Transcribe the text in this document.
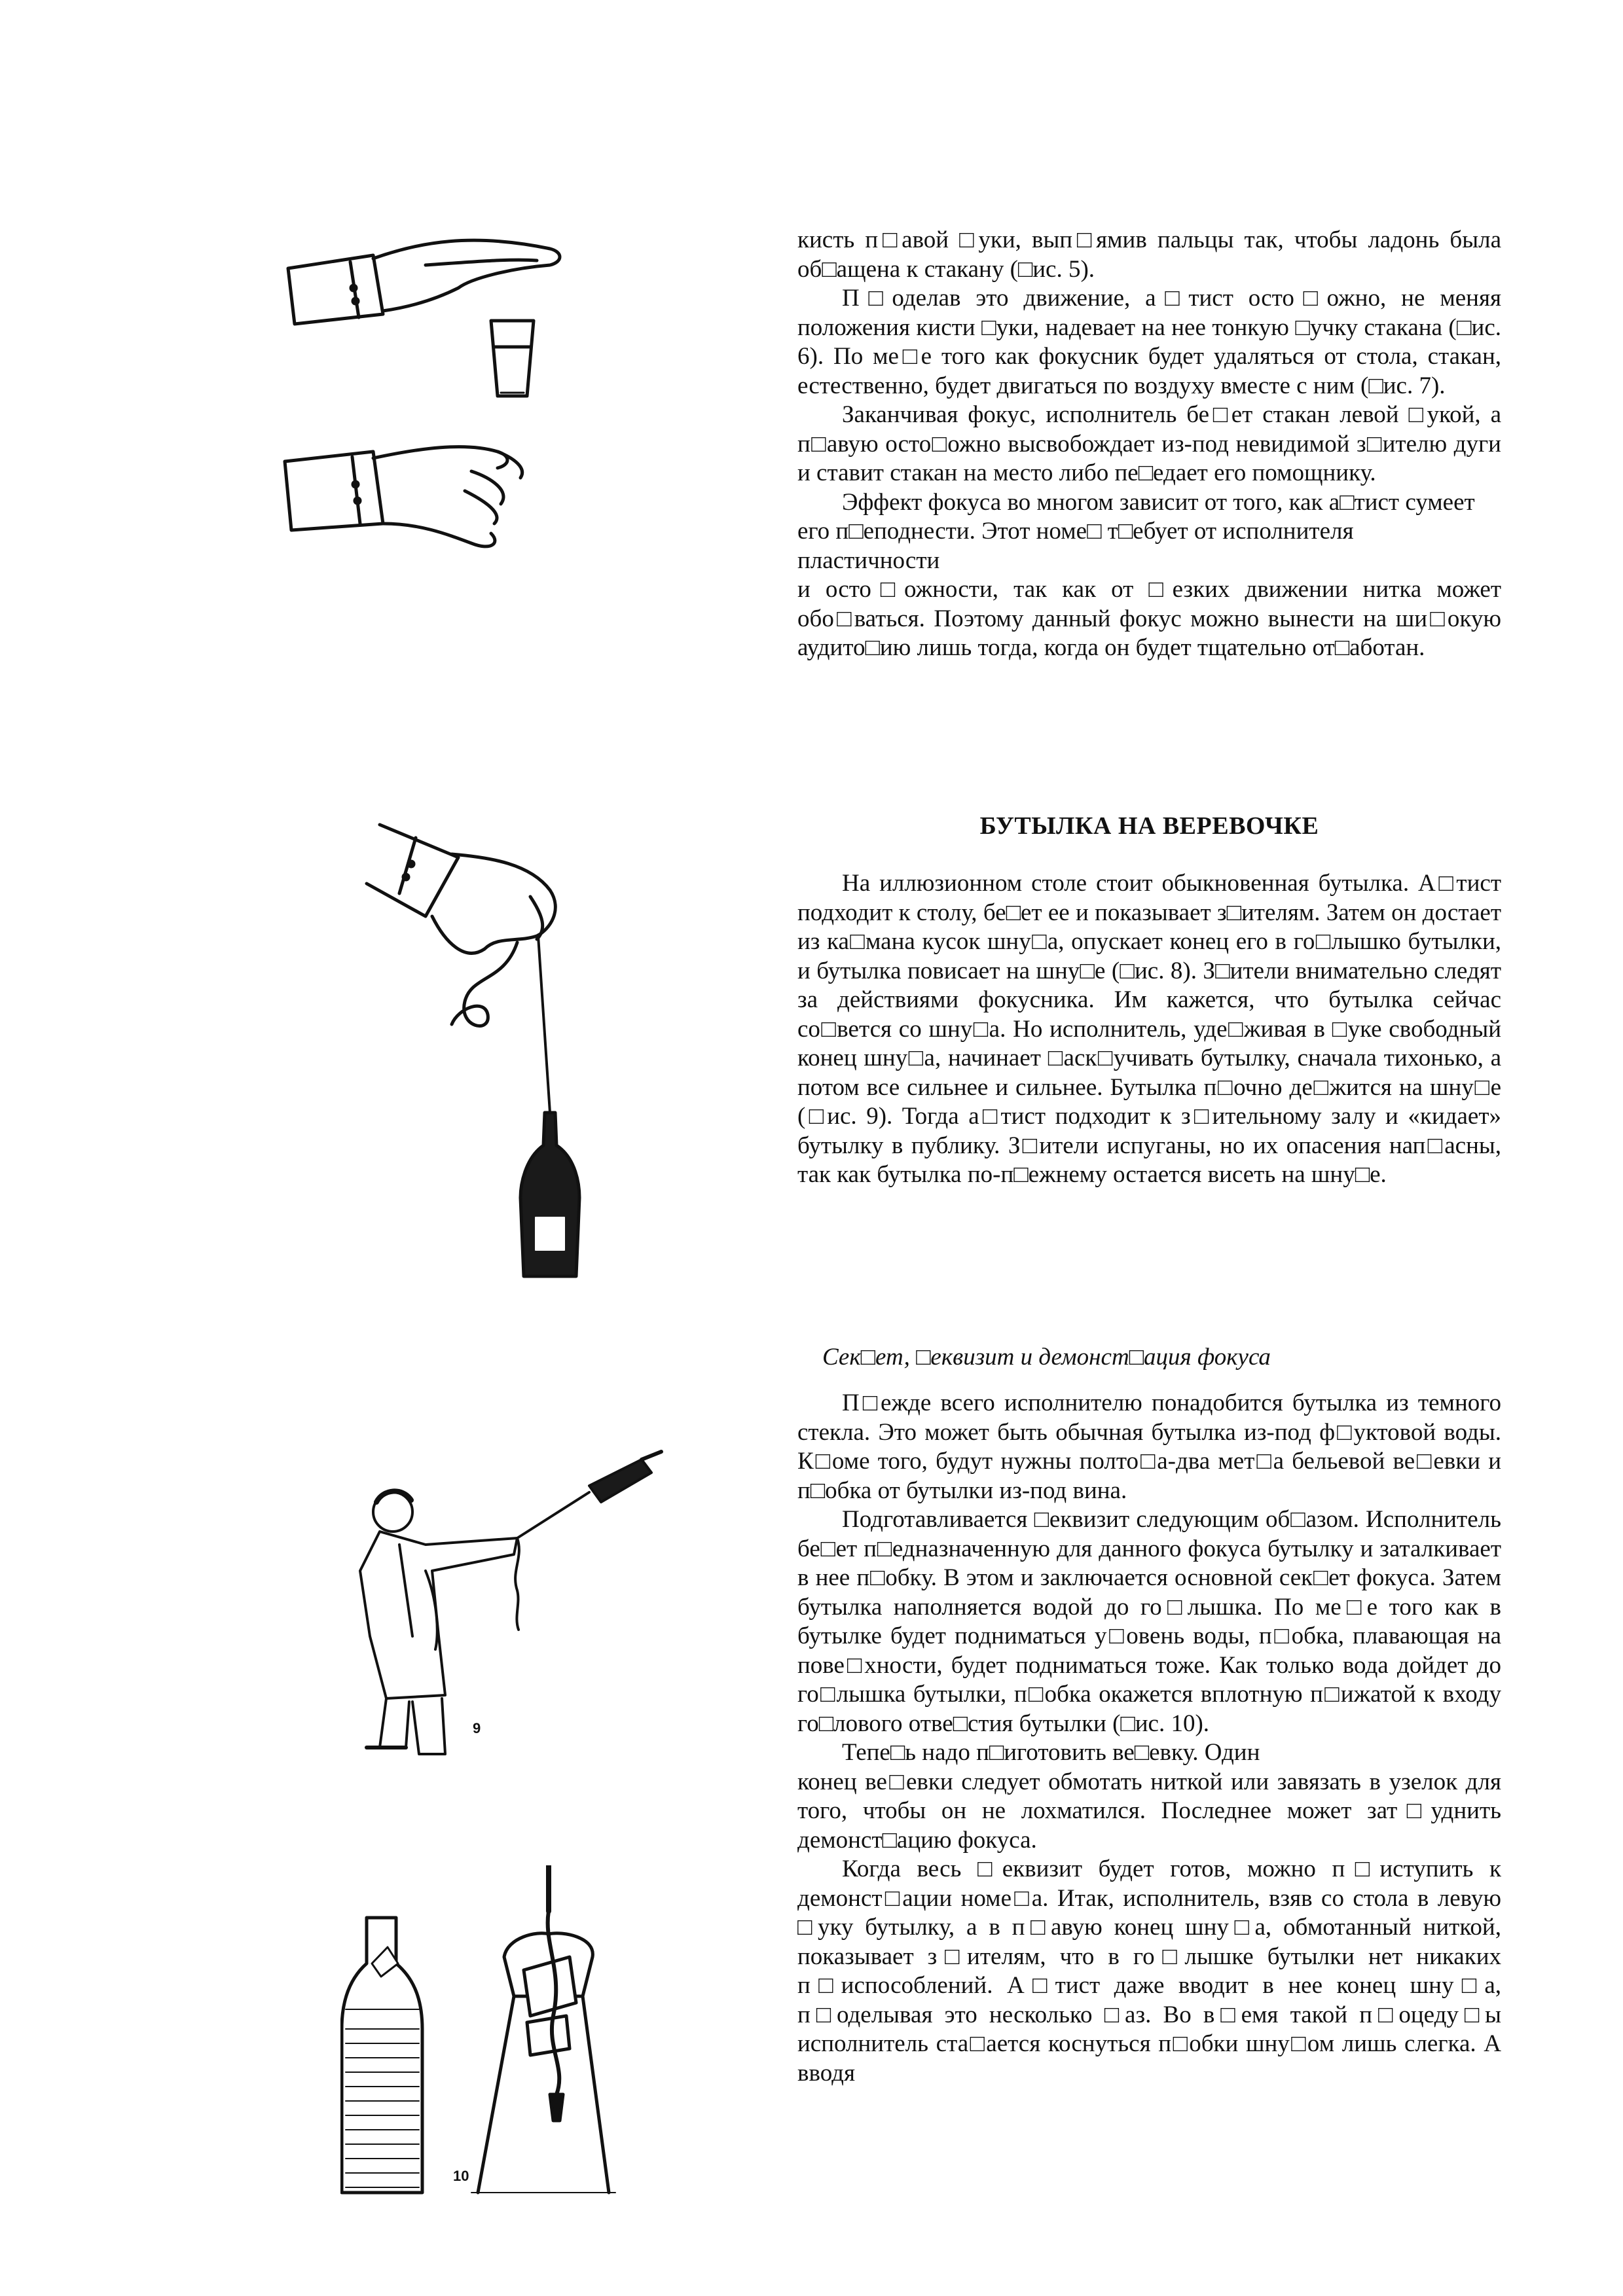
9
10

кисть п□авой □уки, вып□ямив пальцы так, чтобы ладонь была об□ащена к стакану (□ис. 5).

П□оделав это движение, а□тист осто□ожно, не меняя положения кисти □уки, надевает на нее тонкую □учку стакана (□ис. 6). По ме□е того как фокусник будет удаляться от стола, стакан, естественно, будет двигаться по воздуху вместе с ним (□ис. 7).

Заканчивая фокус, исполнитель бе□ет стакан левой □укой, а п□авую осто□ожно высвобождает из-под невидимой з□ителю дуги и ставит стакан на место либо пе□едает его помощнику.

Эффект фокуса во многом зависит от того, как а□тист сумеет его п□еподнести. Этот номе□ т□ебует от исполнителя пластичности

и осто□ожности, так как от □езких движении нитка может обо□ваться. Поэтому данный фокус можно вынести на ши□окую аудито□ию лишь тогда, когда он будет тщательно от□аботан.

БУТЫЛКА НА ВЕРЕВОЧКЕ

На иллюзионном столе стоит обыкновенная бутылка. А□тист подходит к столу, бе□ет ее и показывает з□ителям. Затем он достает из ка□мана кусок шну□а, опускает конец его в го□лышко бутылки, и бутылка повисает на шну□е (□ис. 8). З□ители внимательно следят за действиями фокусника. Им кажется, что бутылка сейчас со□вется со шну□а. Но исполнитель, уде□живая в □уке свободный конец шну□а, начинает □аск□учивать бутылку, сначала тихонько, а потом все сильнее и сильнее. Бутылка п□очно де□жится на шну□е (□ис. 9). Тогда а□тист подходит к з□ительному залу и «кидает» бутылку в публику. З□ители испуганы, но их опасения нап□асны, так как бутылка по-п□ежнему остается висеть на шну□е.

Сек□ет, □еквизит и демонст□ация фокуса

П□ежде всего исполнителю понадобится бутылка из темного стекла. Это может быть обычная бутылка из-под ф□уктовой воды. К□оме того, будут нужны полто□а-два мет□а бельевой ве□евки и п□обка от бутылки из-под вина.

Подготавливается □еквизит следующим об□азом. Исполнитель бе□ет п□едназначенную для данного фокуса бутылку и заталкивает в нее п□обку. В этом и заключается основной сек□ет фокуса. Затем бутылка наполняется водой до го□лышка. По ме□е того как в бутылке будет подниматься у□овень воды, п□обка, плавающая на пове□хности, будет подниматься тоже. Как только вода дойдет до го□лышка бутылки, п□обка окажется вплотную п□ижатой к входу го□лового отве□стия бутылки (□ис. 10).

Тепе□ь надо п□иготовить ве□евку. Один

конец ве□евки следует обмотать ниткой или завязать в узелок для того, чтобы он не лохматился. Последнее может зат□уднить демонст□ацию фокуса.

Когда весь □еквизит будет готов, можно п□иступить к демонст□ации номе□а. Итак, исполнитель, взяв со стола в левую □уку бутылку, а в п□авую конец шну□а, обмотанный ниткой, показывает з□ителям, что в го□лышке бутылки нет никаких п□испособлений. А□тист даже вводит в нее конец шну□а, п□оделывая это несколько □аз. Во в□емя такой п□оцеду□ы исполнитель ста□ается коснуться п□обки шну□ом лишь слегка. А вводя
